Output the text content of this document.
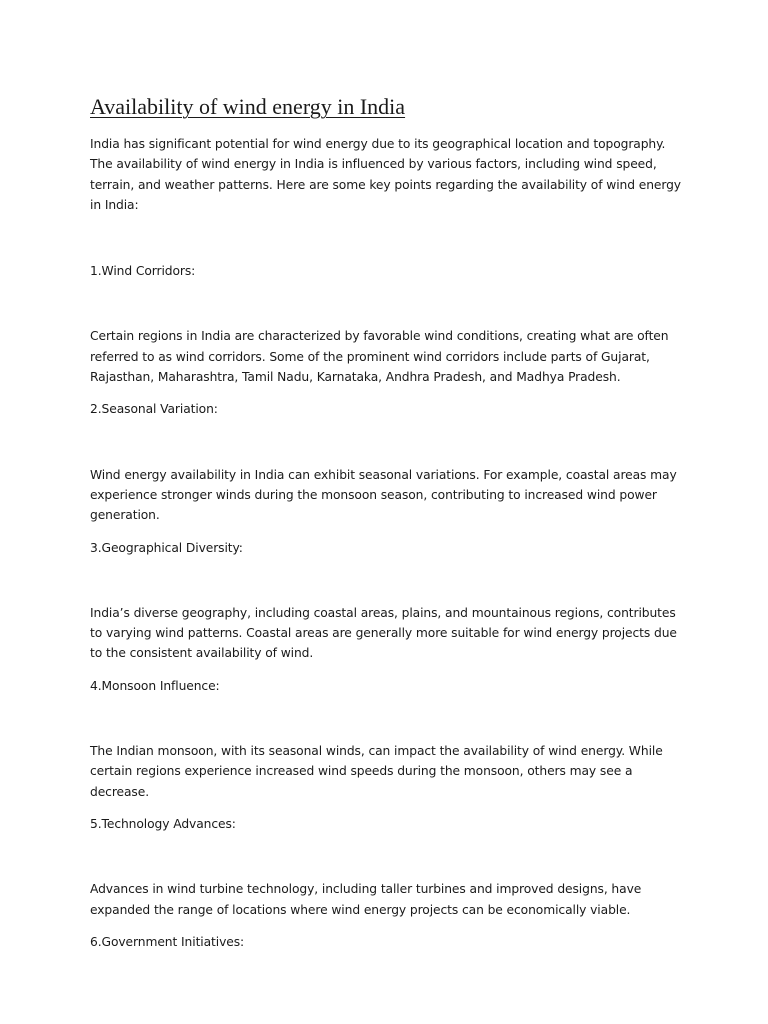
Availability of wind energy in India

India has significant potential for wind energy due to its geographical location and topography. The availability of wind energy in India is influenced by various factors, including wind speed, terrain, and weather patterns. Here are some key points regarding the availability of wind energy in India:

1.Wind Corridors:

Certain regions in India are characterized by favorable wind conditions, creating what are often referred to as wind corridors. Some of the prominent wind corridors include parts of Gujarat, Rajasthan, Maharashtra, Tamil Nadu, Karnataka, Andhra Pradesh, and Madhya Pradesh.

2.Seasonal Variation:

Wind energy availability in India can exhibit seasonal variations. For example, coastal areas may experience stronger winds during the monsoon season, contributing to increased wind power generation.

3.Geographical Diversity:

India’s diverse geography, including coastal areas, plains, and mountainous regions, contributes to varying wind patterns. Coastal areas are generally more suitable for wind energy projects due to the consistent availability of wind.

4.Monsoon Influence:

The Indian monsoon, with its seasonal winds, can impact the availability of wind energy. While certain regions experience increased wind speeds during the monsoon, others may see a decrease.

5.Technology Advances:

Advances in wind turbine technology, including taller turbines and improved designs, have expanded the range of locations where wind energy projects can be economically viable.

6.Government Initiatives:
